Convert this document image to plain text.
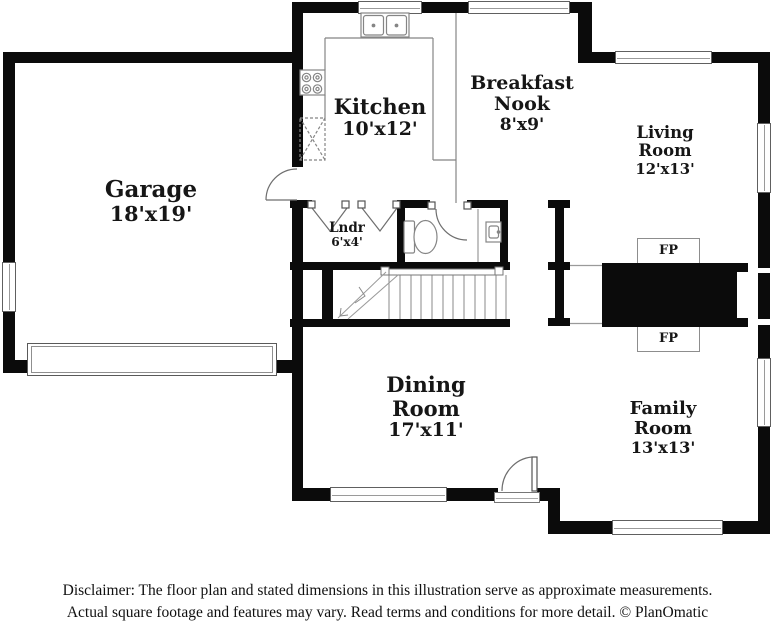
Garage
18'x19'
Kitchen
10'x12'
Breakfast
Nook
8'x9'	Living
Room
12'x13'
Lndr
6'x4'
Dining
Room
17'x11'
Family
Room
13'x13'
FP
FP
Disclaimer: The floor plan and stated dimensions in this illustration serve as approximate measurements.
Actual square footage and features may vary. Read terms and conditions for more detail. © PlanOmatic
